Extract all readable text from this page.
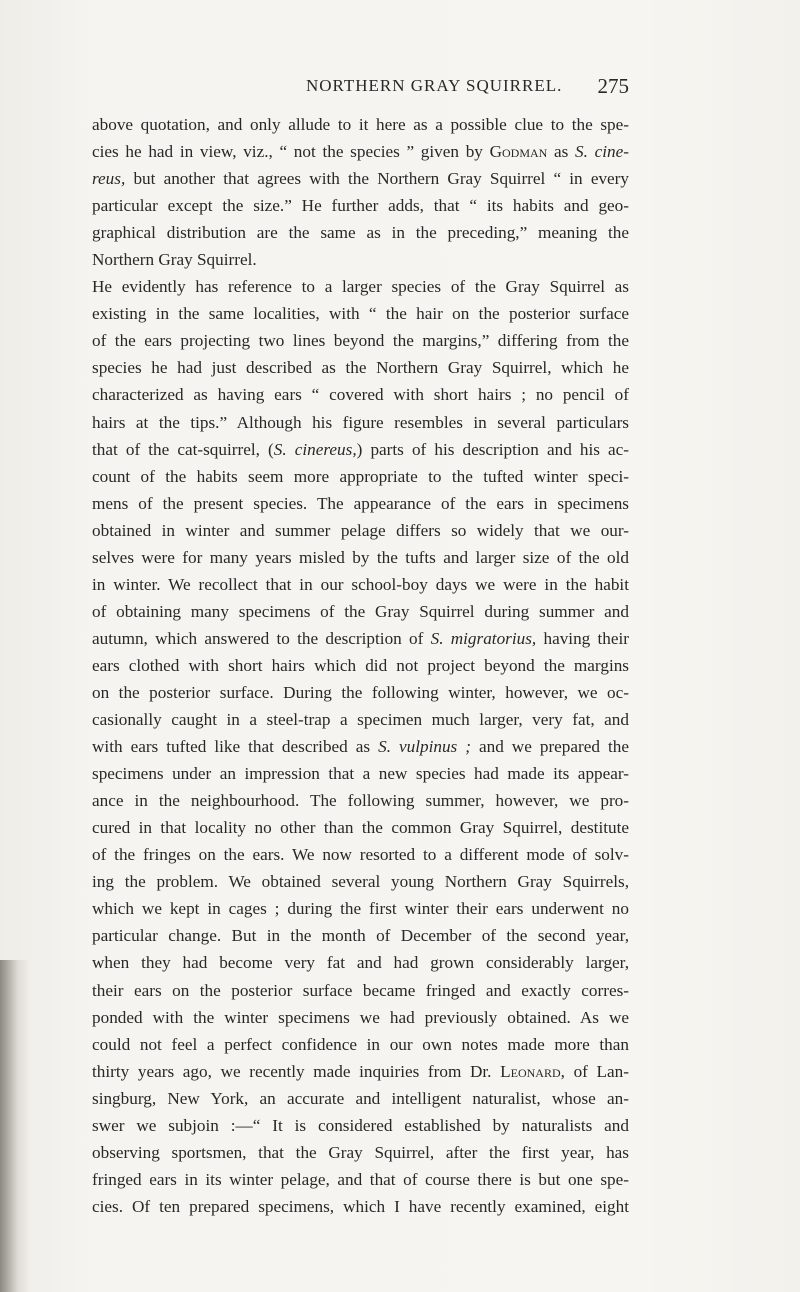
NORTHERN GRAY SQUIRREL. 275
above quotation, and only allude to it here as a possible clue to the spe-
cies he had in view, viz., “ not the species ” given by Godman as S. cine-
reus, but another that agrees with the Northern Gray Squirrel “ in every
particular except the size.” He further adds, that “ its habits and geo-
graphical distribution are the same as in the preceding,” meaning the
Northern Gray Squirrel.
He evidently has reference to a larger species of the Gray Squirrel as
existing in the same localities, with “ the hair on the posterior surface
of the ears projecting two lines beyond the margins,” differing from the
species he had just described as the Northern Gray Squirrel, which he
characterized as having ears “ covered with short hairs ; no pencil of
hairs at the tips.” Although his figure resembles in several particulars
that of the cat-squirrel, (S. cinereus,) parts of his description and his ac-
count of the habits seem more appropriate to the tufted winter speci-
mens of the present species. The appearance of the ears in specimens
obtained in winter and summer pelage differs so widely that we our-
selves were for many years misled by the tufts and larger size of the old
in winter. We recollect that in our school-boy days we were in the habit
of obtaining many specimens of the Gray Squirrel during summer and
autumn, which answered to the description of S. migratorius, having their
ears clothed with short hairs which did not project beyond the margins
on the posterior surface. During the following winter, however, we oc-
casionally caught in a steel-trap a specimen much larger, very fat, and
with ears tufted like that described as S. vulpinus ; and we prepared the
specimens under an impression that a new species had made its appear-
ance in the neighbourhood. The following summer, however, we pro-
cured in that locality no other than the common Gray Squirrel, destitute
of the fringes on the ears. We now resorted to a different mode of solv-
ing the problem. We obtained several young Northern Gray Squirrels,
which we kept in cages ; during the first winter their ears underwent no
particular change. But in the month of December of the second year,
when they had become very fat and had grown considerably larger,
their ears on the posterior surface became fringed and exactly corres-
ponded with the winter specimens we had previously obtained. As we
could not feel a perfect confidence in our own notes made more than
thirty years ago, we recently made inquiries from Dr. Leonard, of Lan-
singburg, New York, an accurate and intelligent naturalist, whose an-
swer we subjoin :—“ It is considered established by naturalists and
observing sportsmen, that the Gray Squirrel, after the first year, has
fringed ears in its winter pelage, and that of course there is but one spe-
cies. Of ten prepared specimens, which I have recently examined, eight
